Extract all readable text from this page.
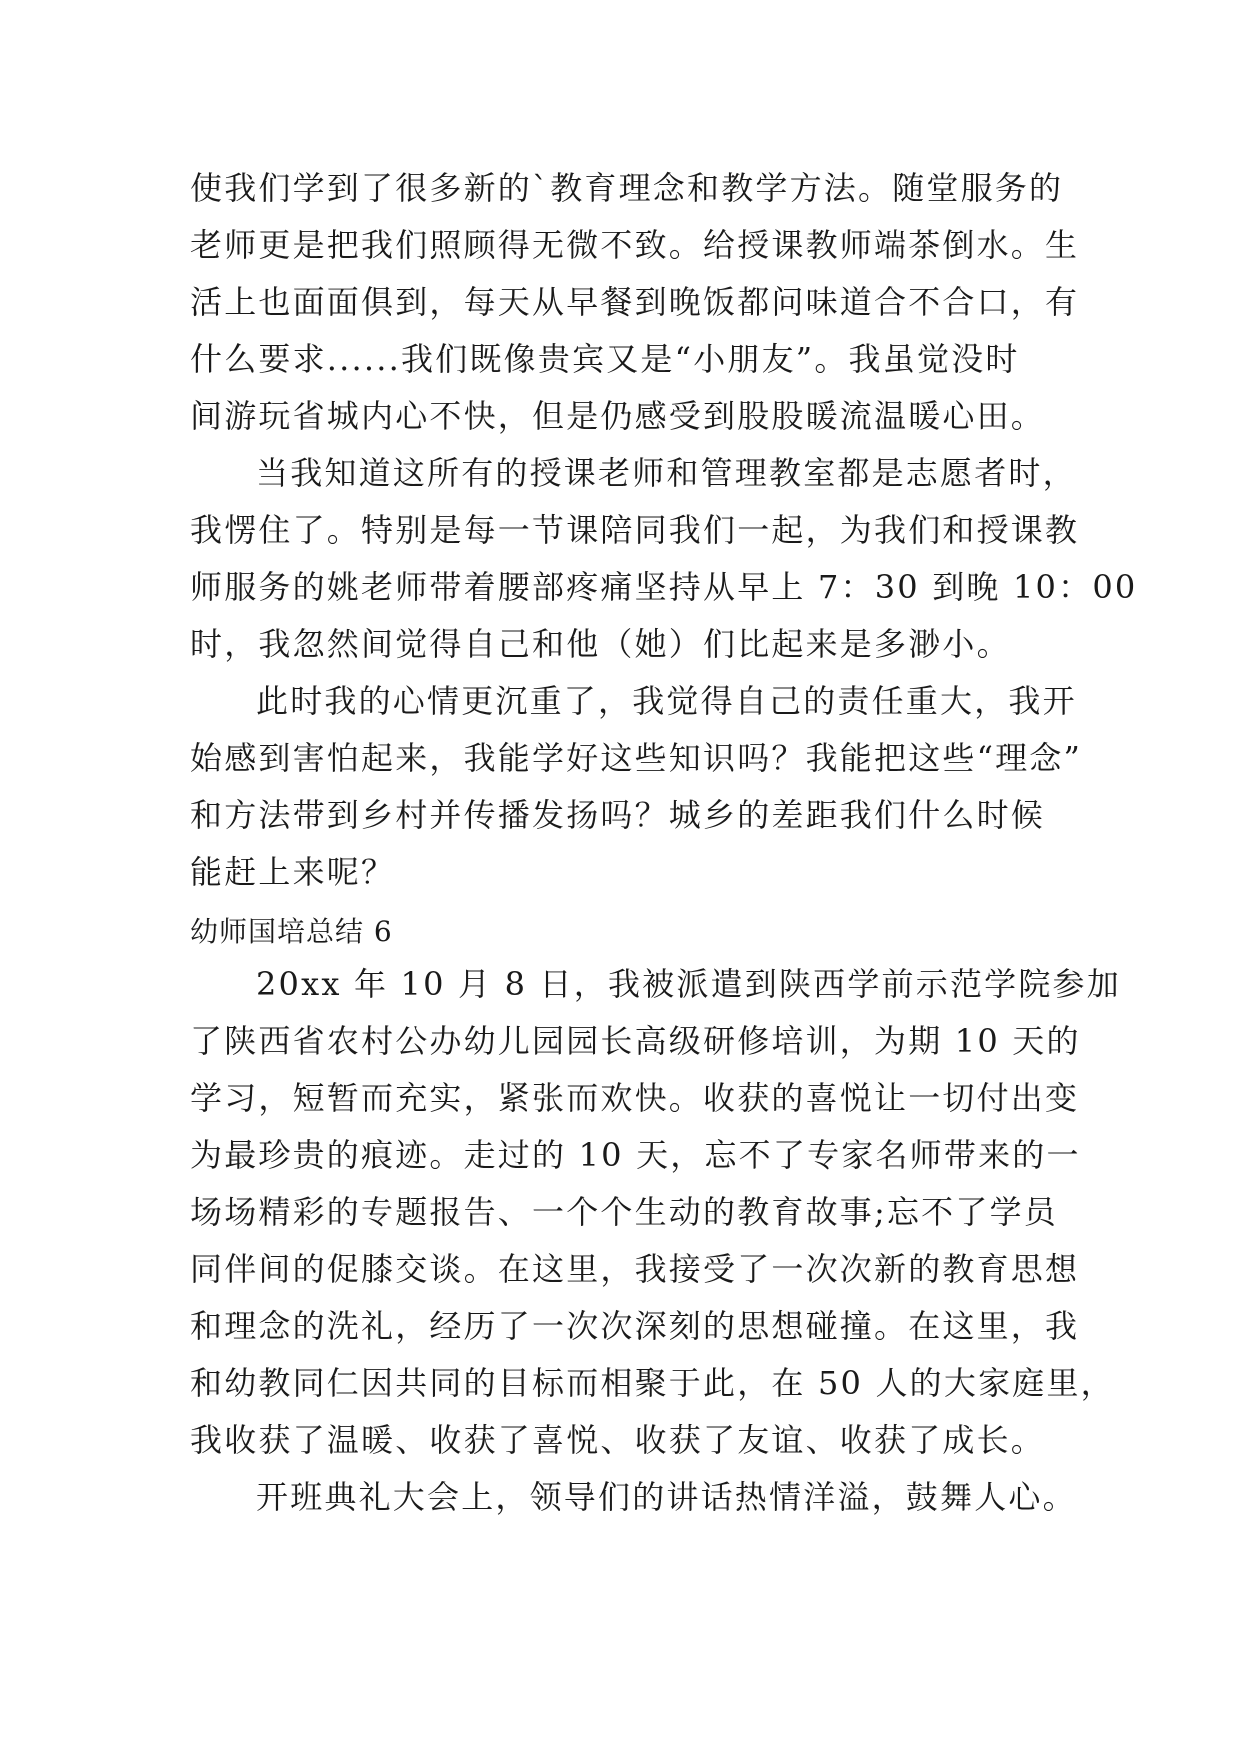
使我们学到了很多新的`教育理念和教学方法。随堂服务的
老师更是把我们照顾得无微不致。给授课教师端茶倒水。生
活上也面面俱到，每天从早餐到晚饭都问味道合不合口，有
什么要求......我们既像贵宾又是“小朋友”。我虽觉没时
间游玩省城内心不快，但是仍感受到股股暖流温暖心田。
当我知道这所有的授课老师和管理教室都是志愿者时，
我愣住了。特别是每一节课陪同我们一起，为我们和授课教
师服务的姚老师带着腰部疼痛坚持从早上 7：30 到晚 10：00
时，我忽然间觉得自己和他（她）们比起来是多渺小。
此时我的心情更沉重了，我觉得自己的责任重大，我开
始感到害怕起来，我能学好这些知识吗？我能把这些“理念”
和方法带到乡村并传播发扬吗？城乡的差距我们什么时候
能赶上来呢？
幼师国培总结 6
20xx 年 10 月 8 日，我被派遣到陕西学前示范学院参加
了陕西省农村公办幼儿园园长高级研修培训，为期 10 天的
学习，短暂而充实，紧张而欢快。收获的喜悦让一切付出变
为最珍贵的痕迹。走过的 10 天，忘不了专家名师带来的一
场场精彩的专题报告、一个个生动的教育故事;忘不了学员
同伴间的促膝交谈。在这里，我接受了一次次新的教育思想
和理念的洗礼，经历了一次次深刻的思想碰撞。在这里，我
和幼教同仁因共同的目标而相聚于此，在 50 人的大家庭里，
我收获了温暖、收获了喜悦、收获了友谊、收获了成长。
开班典礼大会上，领导们的讲话热情洋溢，鼓舞人心。
